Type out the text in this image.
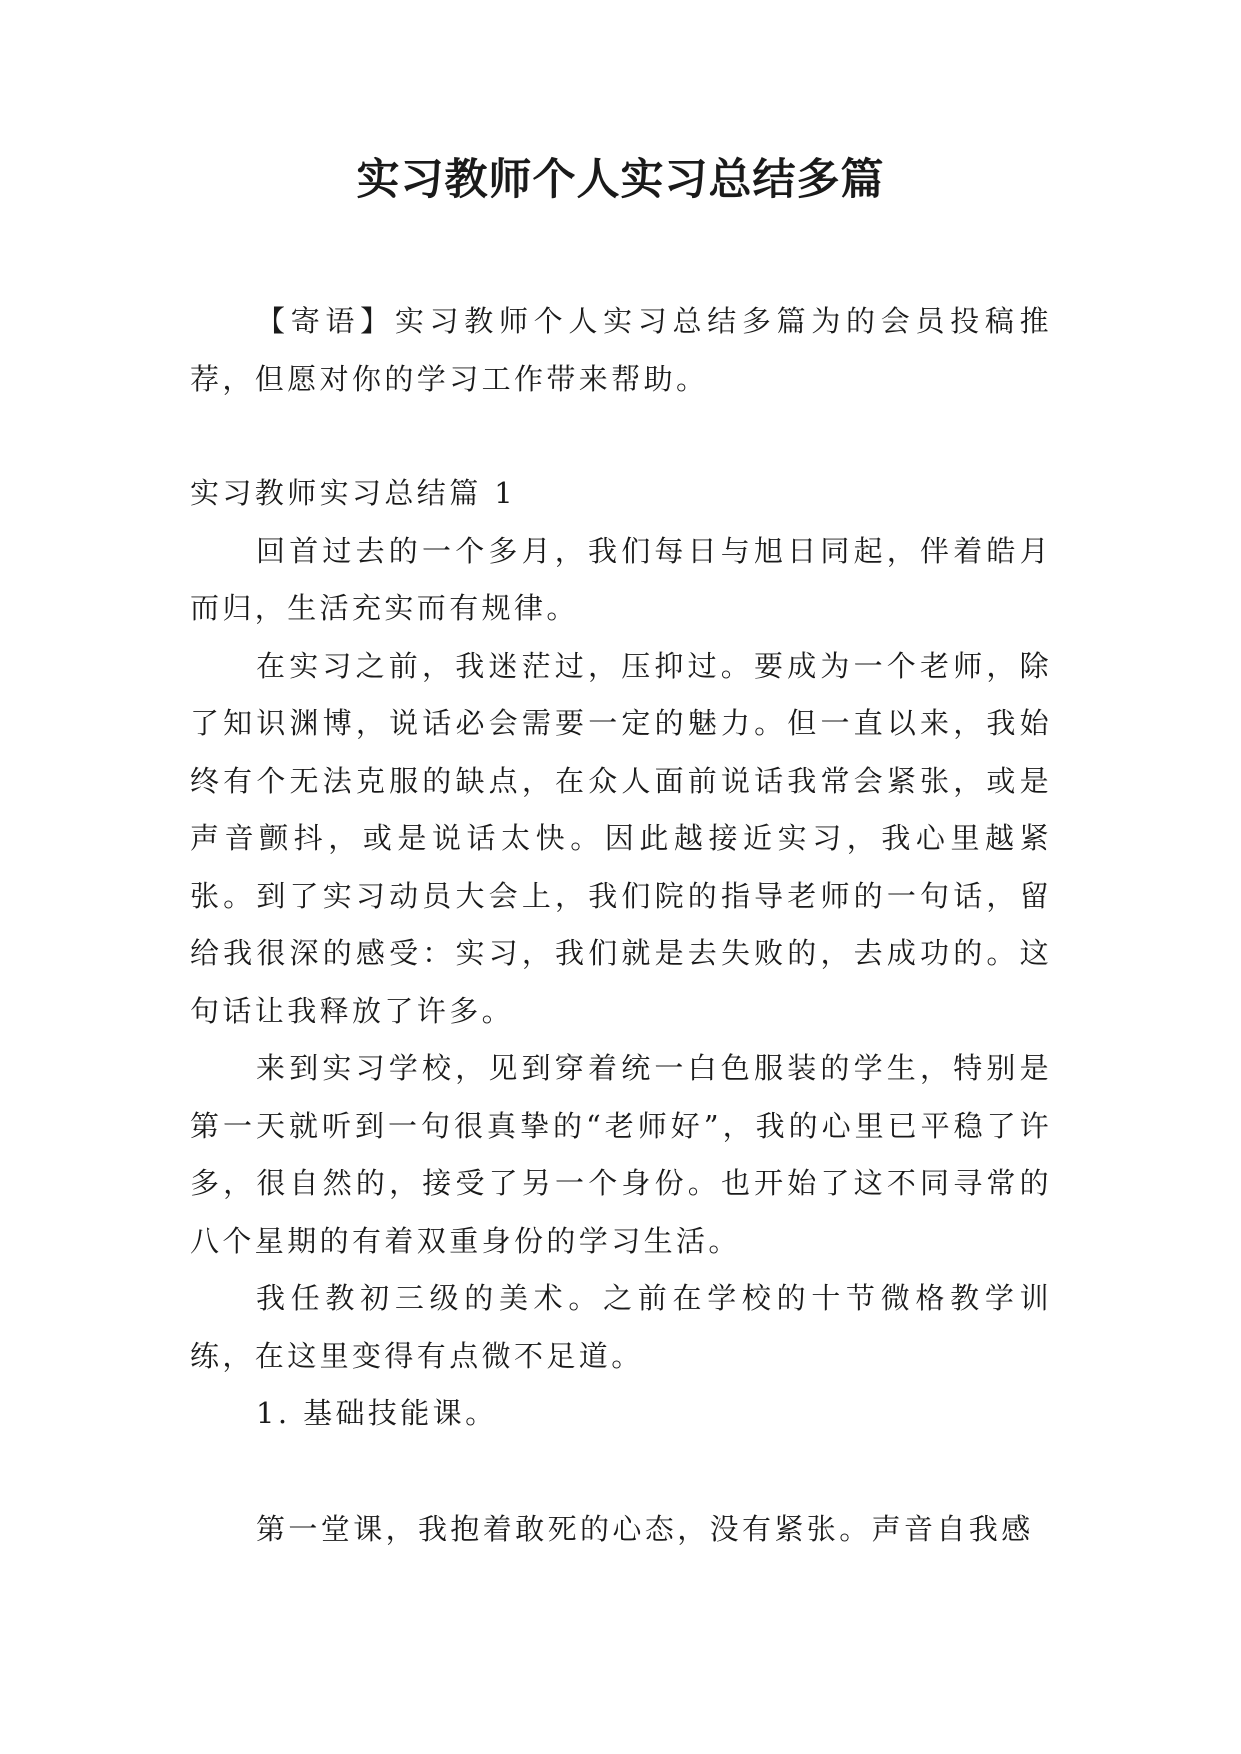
实习教师个人实习总结多篇

【寄语】实习教师个人实习总结多篇为的会员投稿推荐，但愿对你的学习工作带来帮助。

实习教师实习总结篇 1

回首过去的一个多月，我们每日与旭日同起，伴着皓月而归，生活充实而有规律。

在实习之前，我迷茫过，压抑过。要成为一个老师，除了知识渊博，说话必会需要一定的魅力。但一直以来，我始终有个无法克服的缺点，在众人面前说话我常会紧张，或是声音颤抖，或是说话太快。因此越接近实习，我心里越紧张。到了实习动员大会上，我们院的指导老师的一句话，留给我很深的感受：实习，我们就是去失败的，去成功的。这句话让我释放了许多。

来到实习学校，见到穿着统一白色服装的学生，特别是第一天就听到一句很真挚的“老师好”，我的心里已平稳了许多，很自然的，接受了另一个身份。也开始了这不同寻常的八个星期的有着双重身份的学习生活。

我任教初三级的美术。之前在学校的十节微格教学训练，在这里变得有点微不足道。

1. 基础技能课。

第一堂课，我抱着敢死的心态，没有紧张。声音自我感
